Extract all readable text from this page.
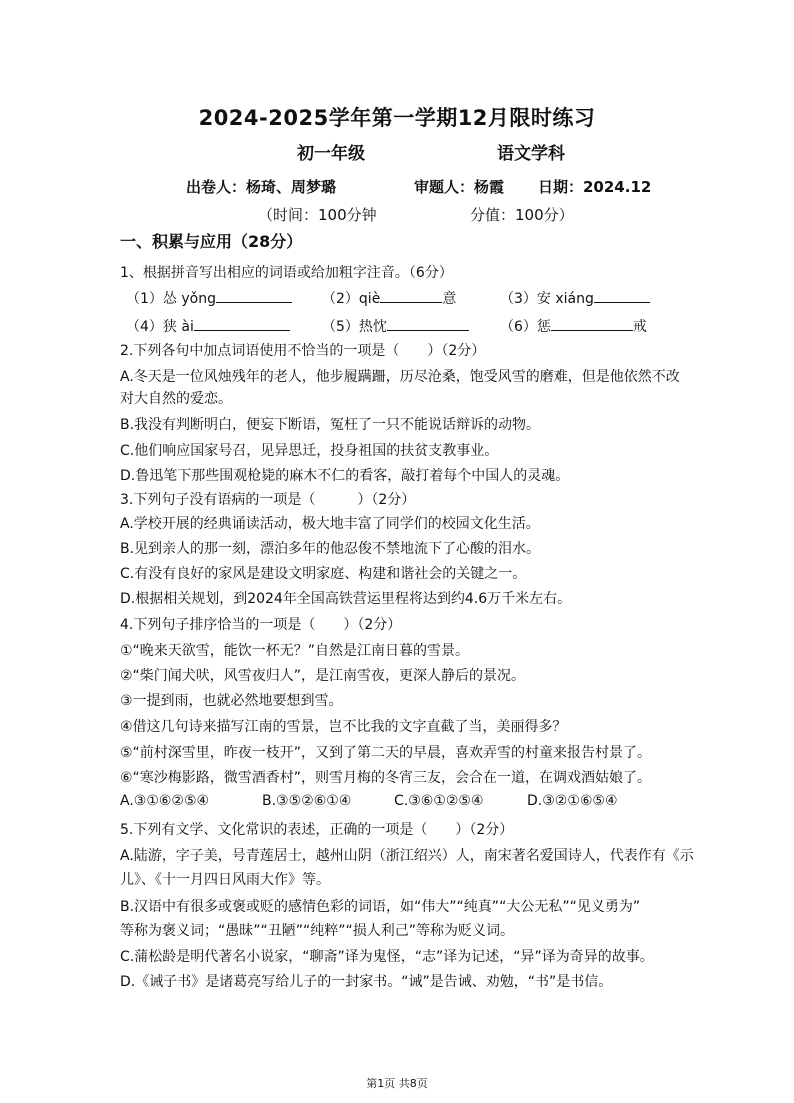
2024-2025学年第一学期12月限时练习
初一年级	语文学科
出卷人：杨琦、周梦璐	审题人：杨霞 日期：2024.12
（时间：100分钟	分值：100分）
一、积累与应用（28分）
1、根据拼音写出相应的词语或给加粗字注音。（6分）
（1）怂 yǒng	（2）qiè	意	（3）安 xiáng
（4）狭 ài	（5）热忱	（6）惩	戒
2.下列各句中加点词语使用不恰当的一项是（　　）（2分）
A.冬天是一位风烛残年的老人，他步履蹒跚，历尽沧桑，饱受风雪的磨难，但是他依然不改
对大自然的爱恋。
B.我没有判断明白，便妄下断语，冤枉了一只不能说话辩诉的动物。
C.他们响应国家号召，见异思迁，投身祖国的扶贫支教事业。
D.鲁迅笔下那些围观枪毙的麻木不仁的看客，敲打着每个中国人的灵魂。
3.下列句子没有语病的一项是（　　　）（2分）
A.学校开展的经典诵读活动，极大地丰富了同学们的校园文化生活。
B.见到亲人的那一刻，漂泊多年的他忍俊不禁地流下了心酸的泪水。
C.有没有良好的家风是建设文明家庭、构建和谐社会的关键之一。
D.根据相关规划，到2024年全国高铁营运里程将达到约4.6万千米左右。
4.下列句子排序恰当的一项是（　　）（2分）
①“晚来天欲雪，能饮一杯无？”自然是江南日暮的雪景。
②“柴门闻犬吠，风雪夜归人”，是江南雪夜，更深人静后的景况。
③一提到雨，也就必然地要想到雪。
④借这几句诗来描写江南的雪景，岂不比我的文字直截了当，美丽得多？
⑤“前村深雪里，昨夜一枝开”，又到了第二天的早晨，喜欢弄雪的村童来报告村景了。
⑥“寒沙梅影路，微雪酒香村”，则雪月梅的冬宵三友，会合在一道，在调戏酒姑娘了。
A.③①⑥②⑤④	B.③⑤②⑥①④	C.③⑥①②⑤④	D.③②①⑥⑤④
5.下列有文学、文化常识的表述，正确的一项是（　　）（2分）
A.陆游，字子美，号青莲居士，越州山阴（浙江绍兴）人，南宋著名爱国诗人，代表作有《示
儿》、《十一月四日风雨大作》等。
B.汉语中有很多或褒或贬的感情色彩的词语，如“伟大”“纯真”“大公无私”“见义勇为”
等称为褒义词；“愚昧”“丑陋”“纯粹”“损人利己”等称为贬义词。
C.蒲松龄是明代著名小说家，“聊斋”译为鬼怪，“志”译为记述，“异”译为奇异的故事。
D.《诫子书》是诸葛亮写给儿子的一封家书。“诫”是告诫、劝勉，“书”是书信。
第1页 共8页
